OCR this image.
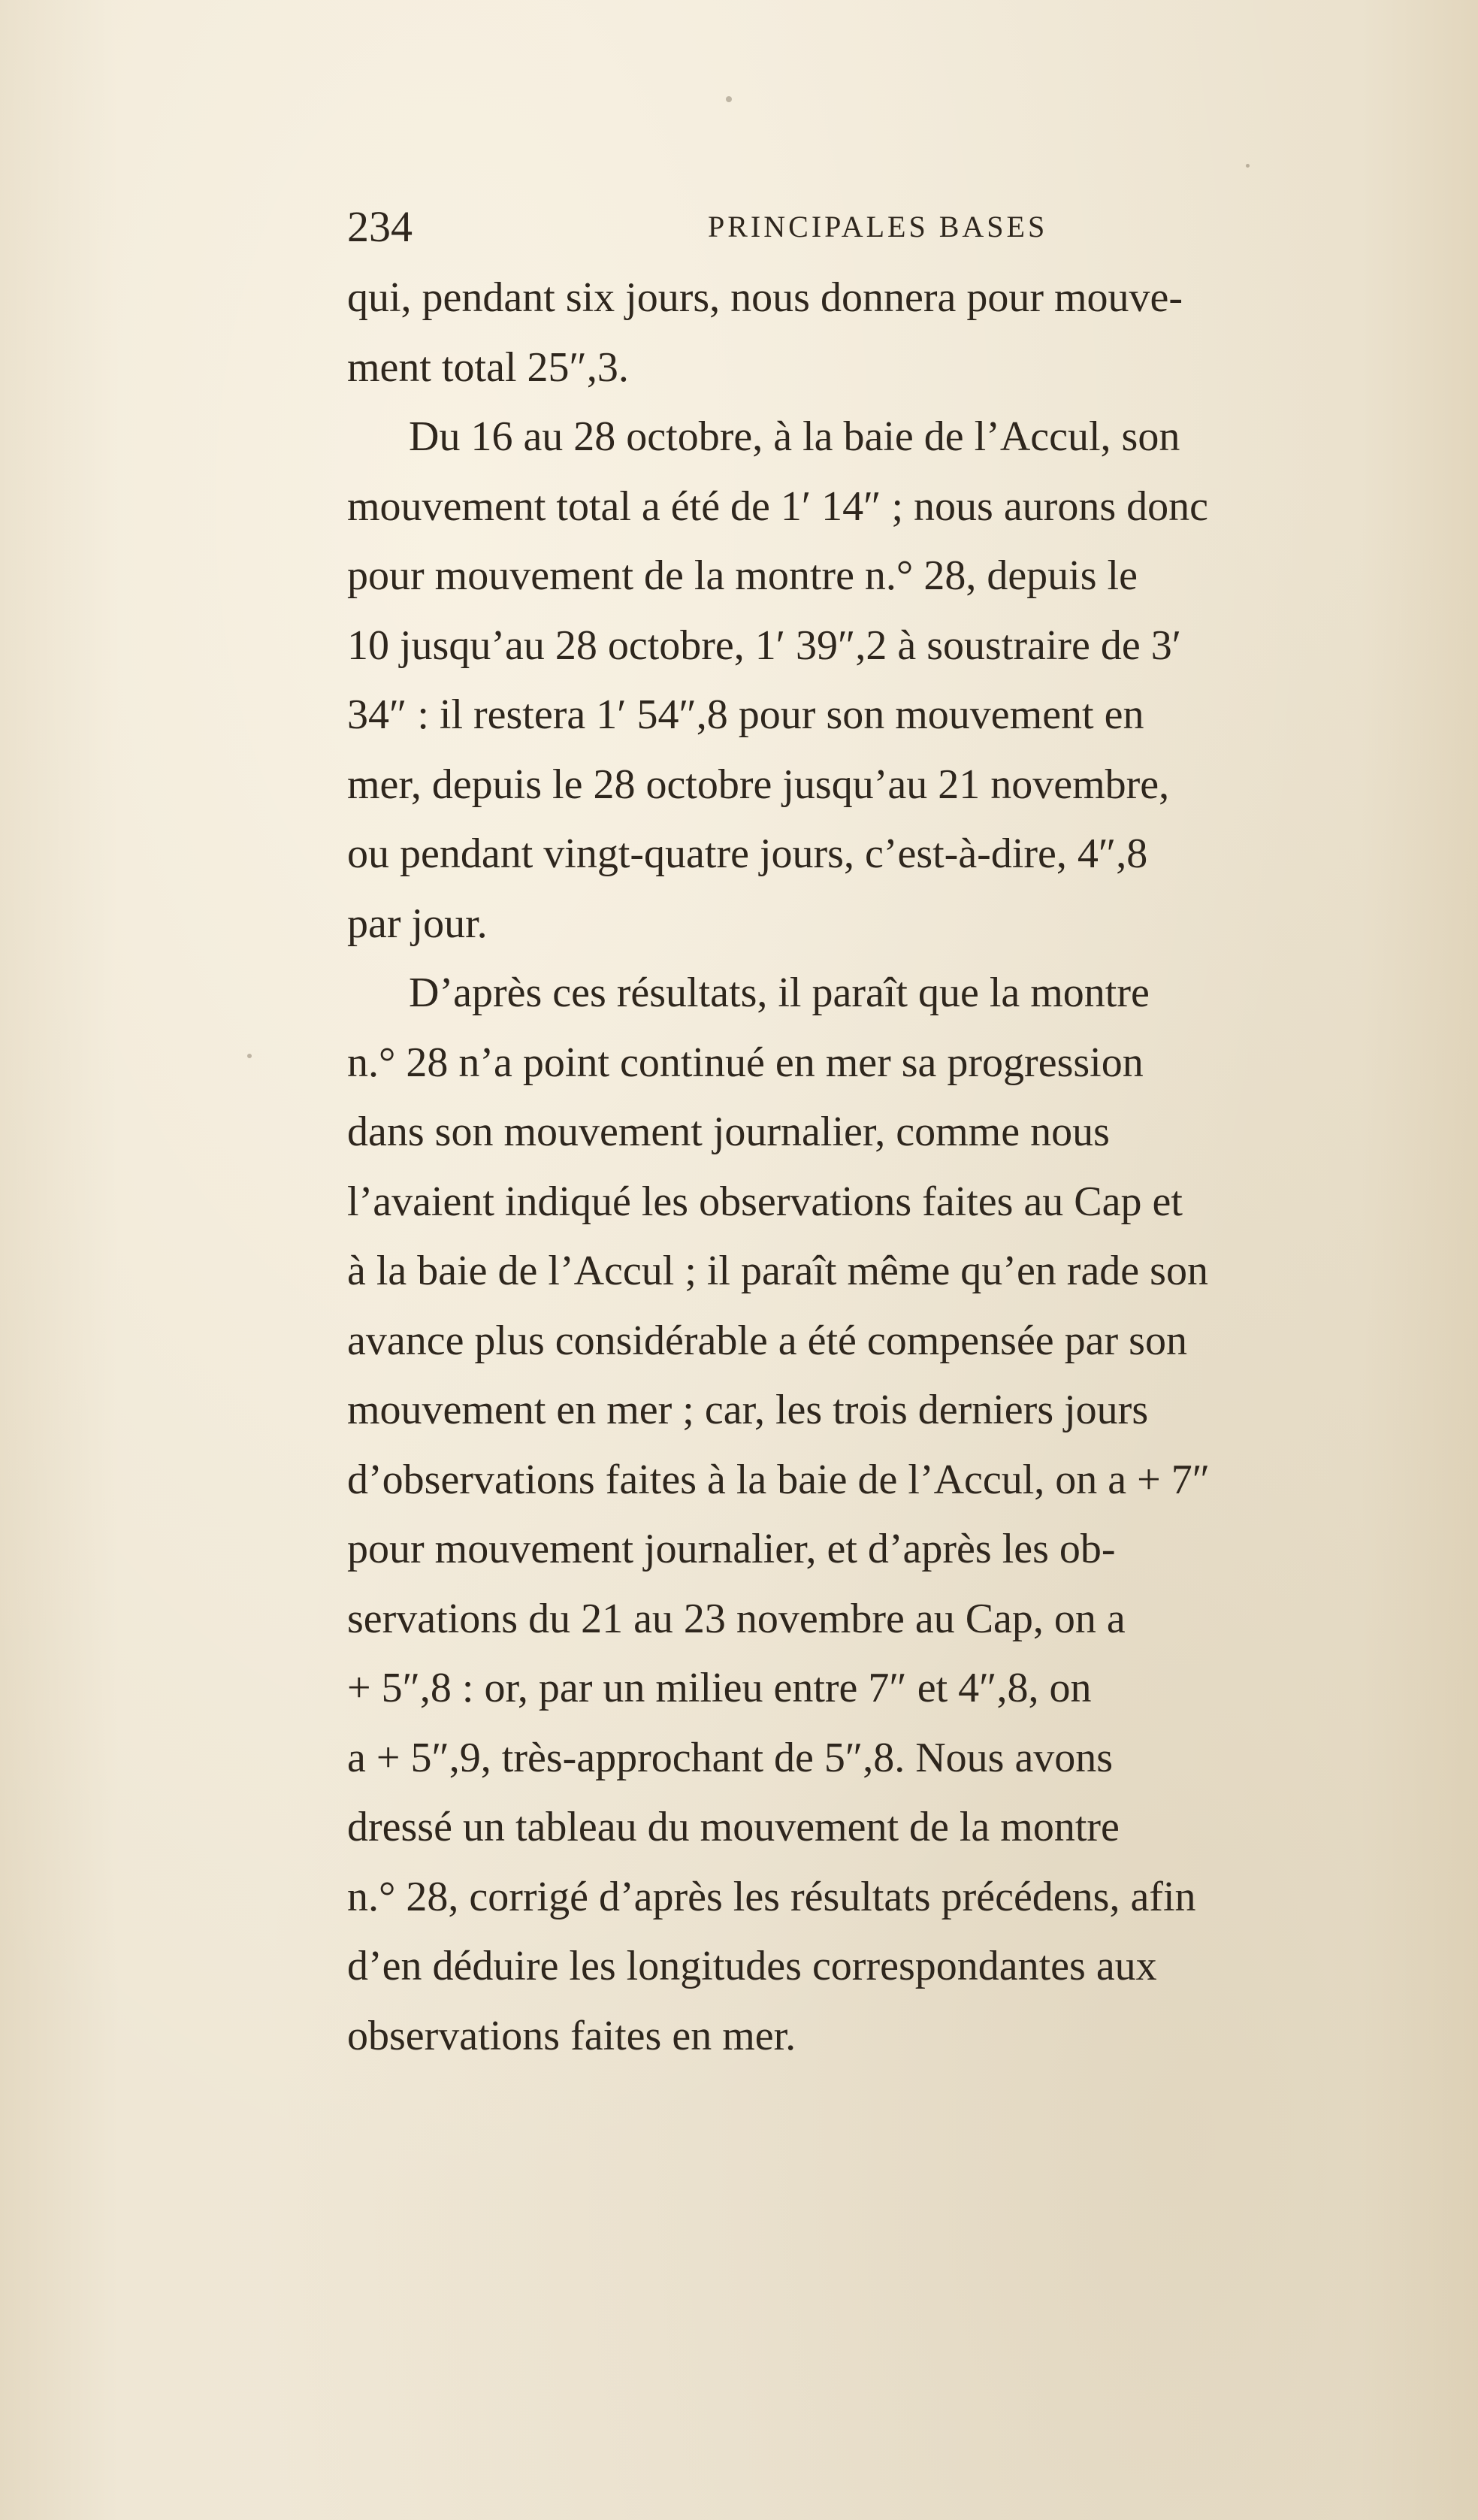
234	PRINCIPALES BASES
qui, pendant six jours, nous donnera pour mouve-
ment total 25″,3.
Du 16 au 28 octobre, à la baie de l’Accul, son
mouvement total a été de 1′ 14″ ; nous aurons donc
pour mouvement de la montre n.° 28, depuis le
10 jusqu’au 28 octobre, 1′ 39″,2 à soustraire de 3′
34″ : il restera 1′ 54″,8 pour son mouvement en
mer, depuis le 28 octobre jusqu’au 21 novembre,
ou pendant vingt-quatre jours, c’est-à-dire, 4″,8
par jour.
D’après ces résultats, il paraît que la montre
n.° 28 n’a point continué en mer sa progression
dans son mouvement journalier, comme nous
l’avaient indiqué les observations faites au Cap et
à la baie de l’Accul ; il paraît même qu’en rade son
avance plus considérable a été compensée par son
mouvement en mer ; car, les trois derniers jours
d’observations faites à la baie de l’Accul, on a + 7″
pour mouvement journalier, et d’après les ob-
servations du 21 au 23 novembre au Cap, on a
+ 5″,8 : or, par un milieu entre 7″ et 4″,8, on
a + 5″,9, très-approchant de 5″,8. Nous avons
dressé un tableau du mouvement de la montre
n.° 28, corrigé d’après les résultats précédens, afin
d’en déduire les longitudes correspondantes aux
observations faites en mer.
